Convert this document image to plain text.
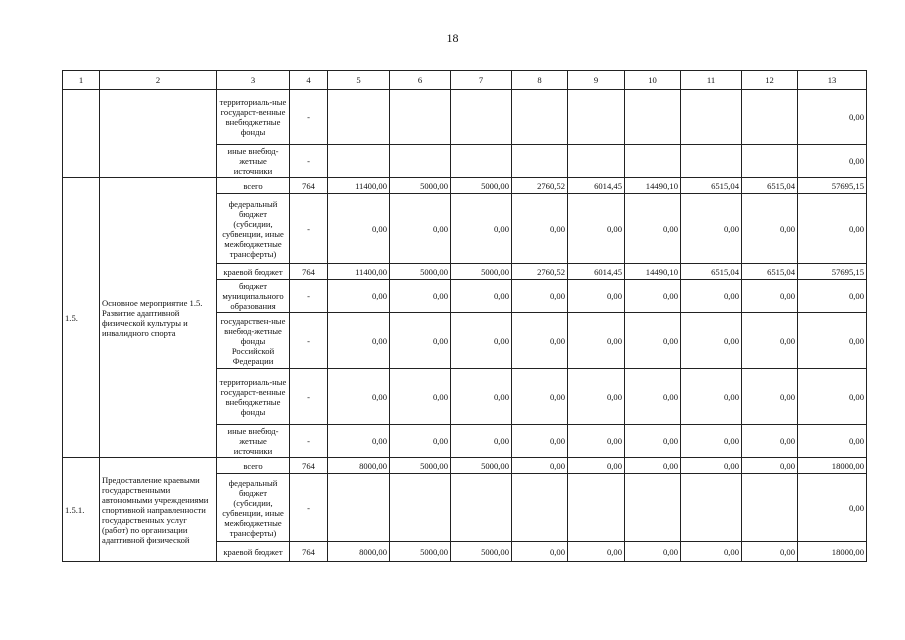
18
1	2	3	4	5	6	7	8	9	10	11	12	13
		территориаль-ные государст-венные внебюджетные фонды	-									0,00
		иные внебюд-жетные источники	-									0,00
1.5.	Основное мероприятие 1.5. Развитие адаптивной физической культуры и инвалидного спорта	всего	764	11400,00	5000,00	5000,00	2760,52	6014,45	14490,10	6515,04	6515,04	57695,15
		федеральный бюджет (субсидии, субвенции, иные межбюджетные трансферты)	-	0,00	0,00	0,00	0,00	0,00	0,00	0,00	0,00	0,00
		краевой бюджет	764	11400,00	5000,00	5000,00	2760,52	6014,45	14490,10	6515,04	6515,04	57695,15
		бюджет муниципального образования	-	0,00	0,00	0,00	0,00	0,00	0,00	0,00	0,00	0,00
		государствен-ные внебюд-жетные фонды Российской Федерации	-	0,00	0,00	0,00	0,00	0,00	0,00	0,00	0,00	0,00
		территориаль-ные государст-венные внебюджетные фонды	-	0,00	0,00	0,00	0,00	0,00	0,00	0,00	0,00	0,00
		иные внебюд-жетные источники	-	0,00	0,00	0,00	0,00	0,00	0,00	0,00	0,00	0,00
1.5.1.	Предоставление краевыми государственными автономными учреждениями спортивной направленности государственных услуг (работ) по организации адаптивной физической	всего	764	8000,00	5000,00	5000,00	0,00	0,00	0,00	0,00	0,00	18000,00
		федеральный бюджет (субсидии, субвенции, иные межбюджетные трансферты)	-									0,00
		краевой бюджет	764	8000,00	5000,00	5000,00	0,00	0,00	0,00	0,00	0,00	18000,00
